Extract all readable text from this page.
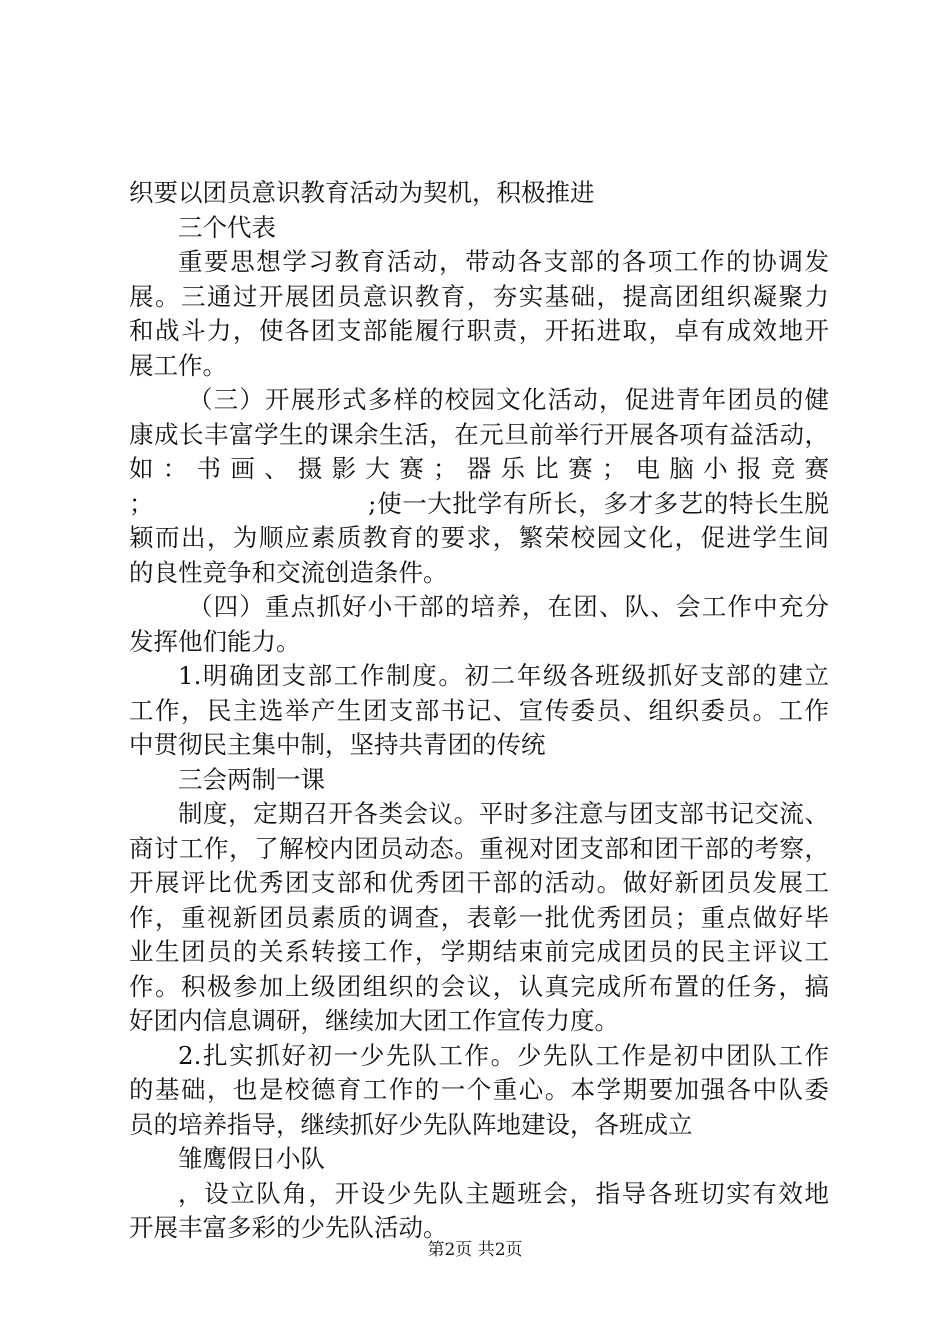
织要以团员意识教育活动为契机，积极推进
三个代表
重要思想学习教育活动，带动各支部的各项工作的协调发
展。三通过开展团员意识教育，夯实基础，提高团组织凝聚力
和战斗力，使各团支部能履行职责，开拓进取，卓有成效地开
展工作。
（三）开展形式多样的校园文化活动，促进青年团员的健
康成长丰富学生的课余生活，在元旦前举行开展各项有益活动，
如：书画、摄影大赛；器乐比赛；电脑小报竞赛
；　　　　　　　　　;使一大批学有所长，多才多艺的特长生脱
颖而出，为顺应素质教育的要求，繁荣校园文化，促进学生间
的良性竞争和交流创造条件。
（四）重点抓好小干部的培养，在团、队、会工作中充分
发挥他们能力。
1.明确团支部工作制度。初二年级各班级抓好支部的建立
工作，民主选举产生团支部书记、宣传委员、组织委员。工作
中贯彻民主集中制，坚持共青团的传统
三会两制一课
制度，定期召开各类会议。平时多注意与团支部书记交流、
商讨工作，了解校内团员动态。重视对团支部和团干部的考察，
开展评比优秀团支部和优秀团干部的活动。做好新团员发展工
作，重视新团员素质的调查，表彰一批优秀团员；重点做好毕
业生团员的关系转接工作，学期结束前完成团员的民主评议工
作。积极参加上级团组织的会议，认真完成所布置的任务，搞
好团内信息调研，继续加大团工作宣传力度。
2.扎实抓好初一少先队工作。少先队工作是初中团队工作
的基础，也是校德育工作的一个重心。本学期要加强各中队委
员的培养指导，继续抓好少先队阵地建设，各班成立
雏鹰假日小队
，设立队角，开设少先队主题班会，指导各班切实有效地
开展丰富多彩的少先队活动。
第2页 共2页
